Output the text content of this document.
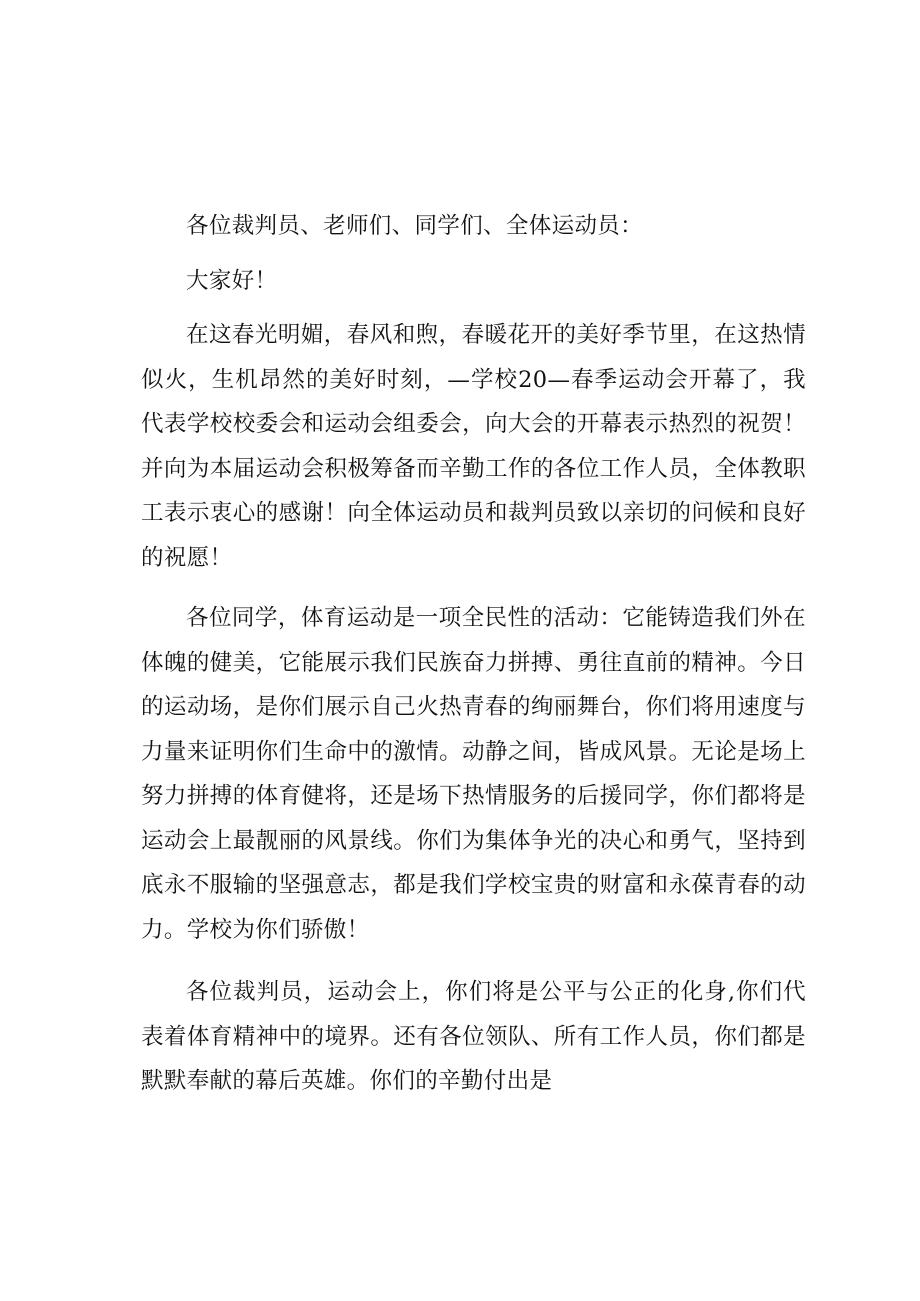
各位裁判员、老师们、同学们、全体运动员：

大家好！

在这春光明媚，春风和煦，春暖花开的美好季节里，在这热情似火，生机昂然的美好时刻，—学校20—春季运动会开幕了，我代表学校校委会和运动会组委会，向大会的开幕表示热烈的祝贺！并向为本届运动会积极筹备而辛勤工作的各位工作人员，全体教职工表示衷心的感谢！向全体运动员和裁判员致以亲切的问候和良好的祝愿！

各位同学，体育运动是一项全民性的活动：它能铸造我们外在体魄的健美，它能展示我们民族奋力拼搏、勇往直前的精神。今日的运动场，是你们展示自己火热青春的绚丽舞台，你们将用速度与力量来证明你们生命中的激情。动静之间，皆成风景。无论是场上努力拼搏的体育健将，还是场下热情服务的后援同学，你们都将是运动会上最靓丽的风景线。你们为集体争光的决心和勇气，坚持到底永不服输的坚强意志，都是我们学校宝贵的财富和永葆青春的动力。学校为你们骄傲！

各位裁判员，运动会上，你们将是公平与公正的化身,你们代表着体育精神中的境界。还有各位领队、所有工作人员，你们都是默默奉献的幕后英雄。你们的辛勤付出是
